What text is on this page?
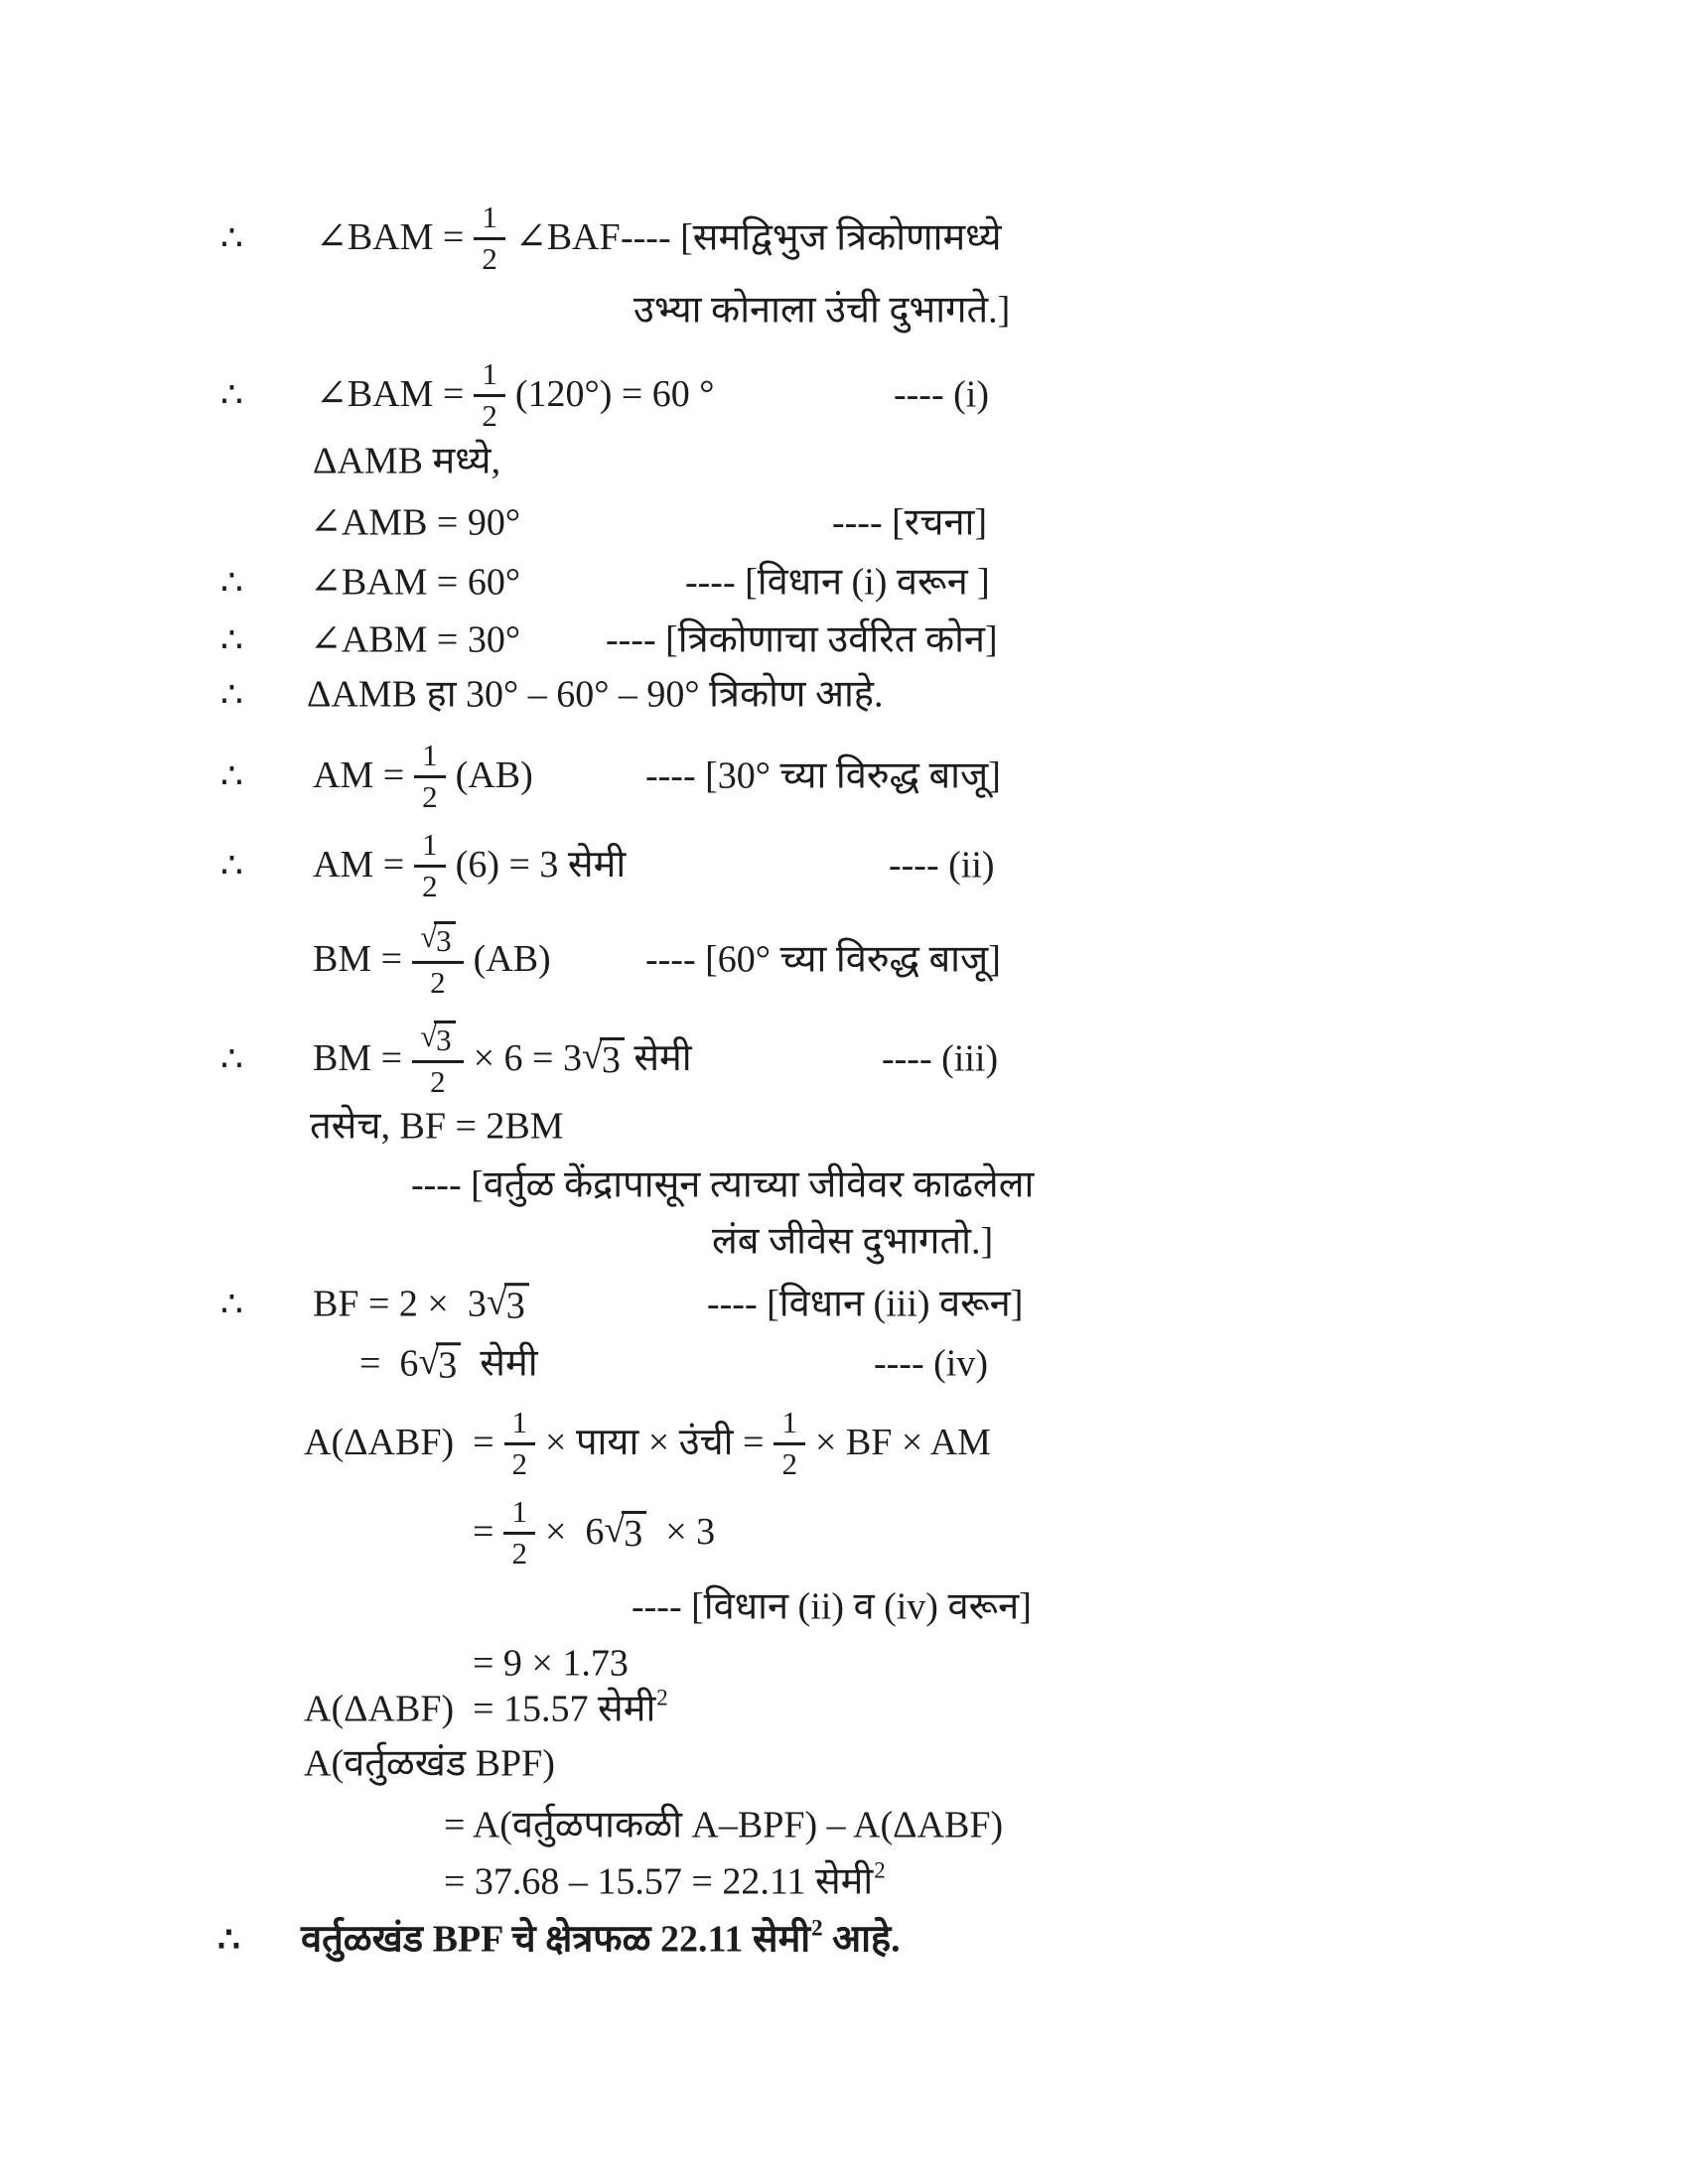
∴ ∠BAM = $\frac{1}{2}$ ∠BAF ---- [समद्विभुज त्रिकोणामध्ये
उभ्या कोनाला उंची दुभागते.]
∴ ∠BAM = $\frac{1}{2} (120^\circ) = 60$ °	---- (i)
ΔAMB मध्ये,
∠AMB = 90°	---- [रचना]
∴ ∠BAM = 60°	---- [विधान (i) वरून ]
∴ ∠ABM = 30° ---- [त्रिकोणाचा उर्वरित कोन]
∴ ΔAMB हा 30° – 60° – 90° त्रिकोण आहे.
∴ AM = $\frac{1}{2} (AB)$	---- [30° च्या विरुद्ध बाजू]
∴ AM = $\frac{1}{2} (6) = 3$ सेमी	---- (ii)
BM = $\frac{√ 3}{2} (AB)$	---- [60° च्या विरुद्ध बाजू]
∴ BM = $\frac{√ 3}{2} \times 6 = 3$ √ 3 सेमी	---- (iii)
तसेच, BF = 2BM
---- [वर्तुळ केंद्रापासून त्याच्या जीवेवर काढलेला
लंब जीवेस दुभागतो.]
∴ BF = 2 ×  3 √ 3	---- [विधान (iii) वरून]
=  6 √ 3 सेमी	---- (iv)
$A(\Delta ABF) = \frac{1}{2}$ × पाया × उंची = $\frac{1}{2}$ × BF × AM
= $\frac{1}{2} \times 6$ √ 3 × 3
---- [विधान (ii) व (iv) वरून]
= 9 × 1.73
A(ΔABF)  = 15.57 सेमी 2
A(वर्तुळखंड BPF)
= A(वर्तुळपाकळी A–BPF) – A(ΔABF)
= 37.68 – 15.57 = 22.11 सेमी 2
∴ वर्तुळखंड BPF चे क्षेत्रफळ 22.11 सेमी 2 आहे.
